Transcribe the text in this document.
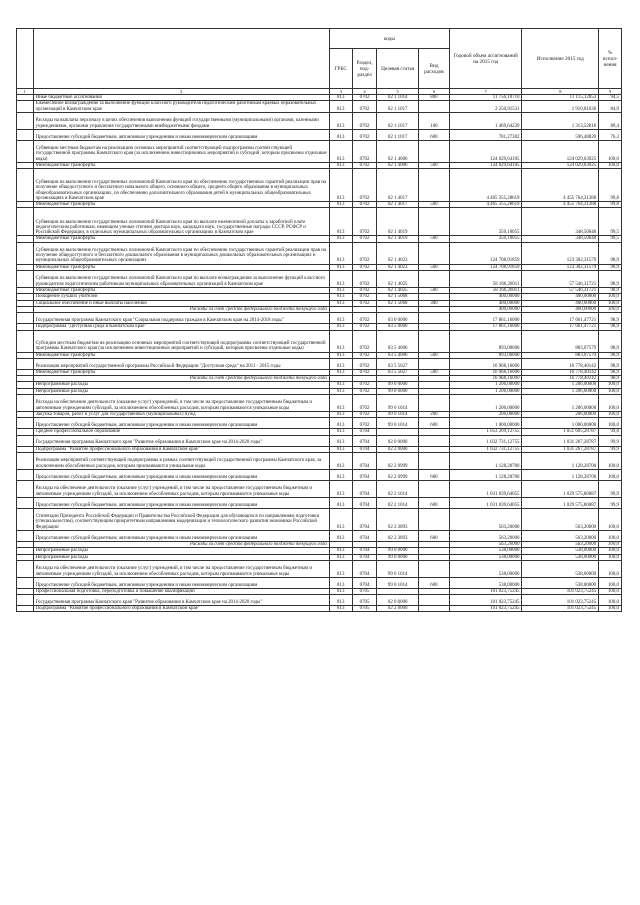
		коды				Годовой объем ассигнований на 2015 год	Исполнение 2015 год	% испол-нения
		ГРБС	Раздел, под-раздел	Целевая статья	Вид расходов			
1	2	3	4	5	6	7	8	9
	Иные бюджетные ассигнования	813	0702	02 1 1014	800	11 756,10710	11 115,12853	94,5
	Ежемесячное вознаграждение за выполнение функций классного руководителя педагогическим работникам краевых образовательных организаций в Камчатском крае	813	0702	02 1 1017		2 250,91531	1 910,01636	84,9
	Расходы на выплаты персоналу в целях обеспечения выполнения функций государственными (муниципальными) органами, казенными учреждениями, органами управления государственными внебюджетными фондами	813	0702	02 1 1017	100	1 469,64239	1 313,52816	89,4
	Предоставление субсидий бюджетным, автономным учреждениям и иным некоммерческим организациям	813	0702	02 1 1017	600	781,27302	596,48820	76,3
	Субвенции местным бюджетам на реализацию основных мероприятий соответствующей подпрограммы соответствующей государственной программы Камчатского края (за исключением инвестиционных мероприятий и субсидий, которым присвоены отдельные коды)	813	0702	02 1 4006		124 029,64105	124 029,63925	100,0
	Межбюджетные трансферты	813	0702	02 1 4006	500	124 029,64105	124 029,63925	100,0
	Субвенции на выполнение государственных полномочий Камчатского края по обеспечению государственных гарантий реализации прав на получение общедоступного и бесплатного начального общего, основного общего, среднего общего образования в муниципальных общеобразовательных организациях, по обеспечению дополнительного образования детей в муниципальных общеобразовательных организациях в Камчатском крае	813	0702	02 1 4017		4 465 355,28619	4 455 764,31388	99,8
	Межбюджетные трансферты	813	0702	02 1 4017	500	4 465 355,28619	4 455 764,31388	99,8
	Субвенции на выполнение государственных полномочий Камчатского края по выплате ежемесячной доплаты к заработной плате педагогическим работникам, имеющим ученые степени доктора наук, кандидата наук, государственные награды СССР, РСФСР и Российской Федерации, в отдельных муниципальных образовательных организациях в Камчатском крае	813	0702	02 1 4019		350,10055	348,50648	99,5
	Межбюджетные трансферты	813	0702	02 1 4019	500	350,10055	348,50648	99,5
	Субвенции на выполнение государственных полномочий Камчатского края по обеспечению государственных гарантий реализации прав на получение общедоступного и бесплатного дошкольного образования в муниципальных дошкольных образовательных организациях и муниципальных общеобразовательных организациях	813	0702	02 1 4023		124 708,91859	123 302,31579	98,9
	Межбюджетные трансферты	813	0702	02 1 4023	500	124 708,91859	123 302,31579	98,9
	Субвенции на выполнение государственных полномочий Камчатского края по выплате вознаграждения за выполнение функций классного руководителя педагогическим работникам муниципальных образовательных организаций в Камчатском крае	813	0702	02 1 4025		58 166,26011	57 546,31721	98,9
	Межбюджетные трансферты	813	0702	02 1 4025	500	58 166,26011	57 546,31721	98,9
	Поощрение лучших учителей	813	0702	02 1 5068		400,00000	400,00000	100,0
	Социальное обеспечение и иные выплаты населению	813	0702	02 1 5068	300	400,00000	400,00000	100,0
	Расходы за счет средств федерального бюджета текущего года					400,00000	400,00000	100,0
	Государственная программа Камчатского края "Социальная поддержка граждан в Камчатском крае на 2014-2018 годы"	813	0702	03 0 0000		17 861,16000	17 661,47721	98,9
	Подпрограмма "Доступная среда в Камчатском крае"	813	0702	03 5 0000		17 861,16000	17 661,47721	98,9
	Субсидии местным бюджетам на реализацию основных мероприятий соответствующей подпрограммы соответствующей государственной программы Камчатского края (за исключением инвестиционных мероприятий и субсидий, которым присвоены отдельные коды)	813	0702	03 5 4006		893,00000	883,07579	98,9
	Межбюджетные трансферты	813	0702	03 5 4006	500	893,00000	883,07579	98,9
	Реализация мероприятий государственной программы Российской Федерации "Доступная среда" на 2011 - 2015 годы	813	0702	03 5 5027		16 968,16000	16 778,40142	98,9
	Межбюджетные трансферты	813	0702	03 5 5027	500	16 968,16000	16 778,40142	98,9
	Расходы за счет средств федерального бюджета текущего года					16 968,16000	16 778,40142	98,9
	Непрограммные расходы	813	0702	99 0 0000		1 206,00000	1 206,00000	100,0
	Непрограммные расходы	813	0702	99 0 0000		1 206,00000	1 206,00000	100,0
	Расходы на обеспечение деятельности (оказание услуг) учреждений, в том числе на предоставление государственным бюджетным и автономным учреждениям субсидий, за исключением обособленных расходов, которым присваиваются уникальные коды	813	0702	99 0 1014		1 206,00000	1 206,00000	100,0
	Закупка товаров, работ и услуг для государственных (муниципальных) нужд	813	0702	99 0 1014	200	206,00000	206,00000	100,0
	Предоставление субсидий бюджетным, автономным учреждениям и иным некоммерческим организациям	813	0702	99 0 1014	600	1 000,00000	1 000,00000	100,0
	Среднее профессиональное образование	813	0704			1 053 269,12755	1 051 605,28787	99,8
	Государственная программа Камчатского края "Развитие образования в Камчатском крае на 2014-2020 годы"	813	0704	02 0 0000		1 032 731,12755	1 031 267,28787	99,9
	Подпрограмма "Развитие профессионального образования в Камчатском крае"	813	0704	02 2 0000		1 032 731,12755	1 031 267,28787	99,9
	Реализация мероприятий соответствующей подпрограммы в рамках соответствующей государственной программы Камчатского края, за исключением обособленных расходов, которым присваиваются уникальные коды	813	0704	02 2 0999		1 128,28700	1 128,28700	100,0
	Предоставление субсидий бюджетным, автономным учреждениям и иным некоммерческим организациям	813	0704	02 2 0999	600	1 128,28700	1 128,28700	100,0
	Расходы на обеспечение деятельности (оказание услуг) учреждений, в том числе на предоставление государственным бюджетным и автономным учреждениям субсидий, за исключением обособленных расходов, которым присваиваются уникальные коды	813	0704	02 2 1014		1 031 039,64055	1 029 575,80087	99,9
	Предоставление субсидий бюджетным, автономным учреждениям и иным некоммерческим организациям	813	0704	02 2 1014	600	1 031 039,64055	1 029 575,80087	99,9
	Стипендии Президента Российской Федерации и Правительства Российской Федерации для обучающихся по направлениям подготовки (специальностям), соответствующим приоритетным направлениям модернизации и технологического развития экономики Российской Федерации	813	0704	02 2 3893		563,20000	563,20000	100,0
	Предоставление субсидий бюджетным, автономным учреждениям и иным некоммерческим организациям	813	0704	02 2 3893	600	563,20000	563,20000	100,0
	Расходы за счет средств федерального бюджета текущего года					563,20000	563,20000	100,0
	Непрограммные расходы	813	0704	99 0 0000		538,00000	538,00000	100,0
	Непрограммные расходы	813	0704	99 0 0000		538,00000	538,00000	100,0
	Расходы на обеспечение деятельности (оказание услуг) учреждений, в том числе на предоставление государственным бюджетным и автономным учреждениям субсидий, за исключением обособленных расходов, которым присваиваются уникальные коды	813	0704	99 0 1014		538,00000	538,00000	100,0
	Предоставление субсидий бюджетным, автономным учреждениям и иным некоммерческим организациям	813	0704	99 0 1014	600	538,00000	538,00000	100,0
	Профессиональная подготовка, переподготовка и повышение квалификации	813	0705			101 023,75245	101 023,75245	100,0
	Государственная программа Камчатского края "Развитие образования в Камчатском крае на 2014-2020 годы"	813	0705	02 0 0000		101 023,75245	101 023,75245	100,0
	Подпрограмма "Развитие профессионального образования в Камчатском крае"	813	0705	02 2 0000		101 023,75245	101 023,75245	100,0
